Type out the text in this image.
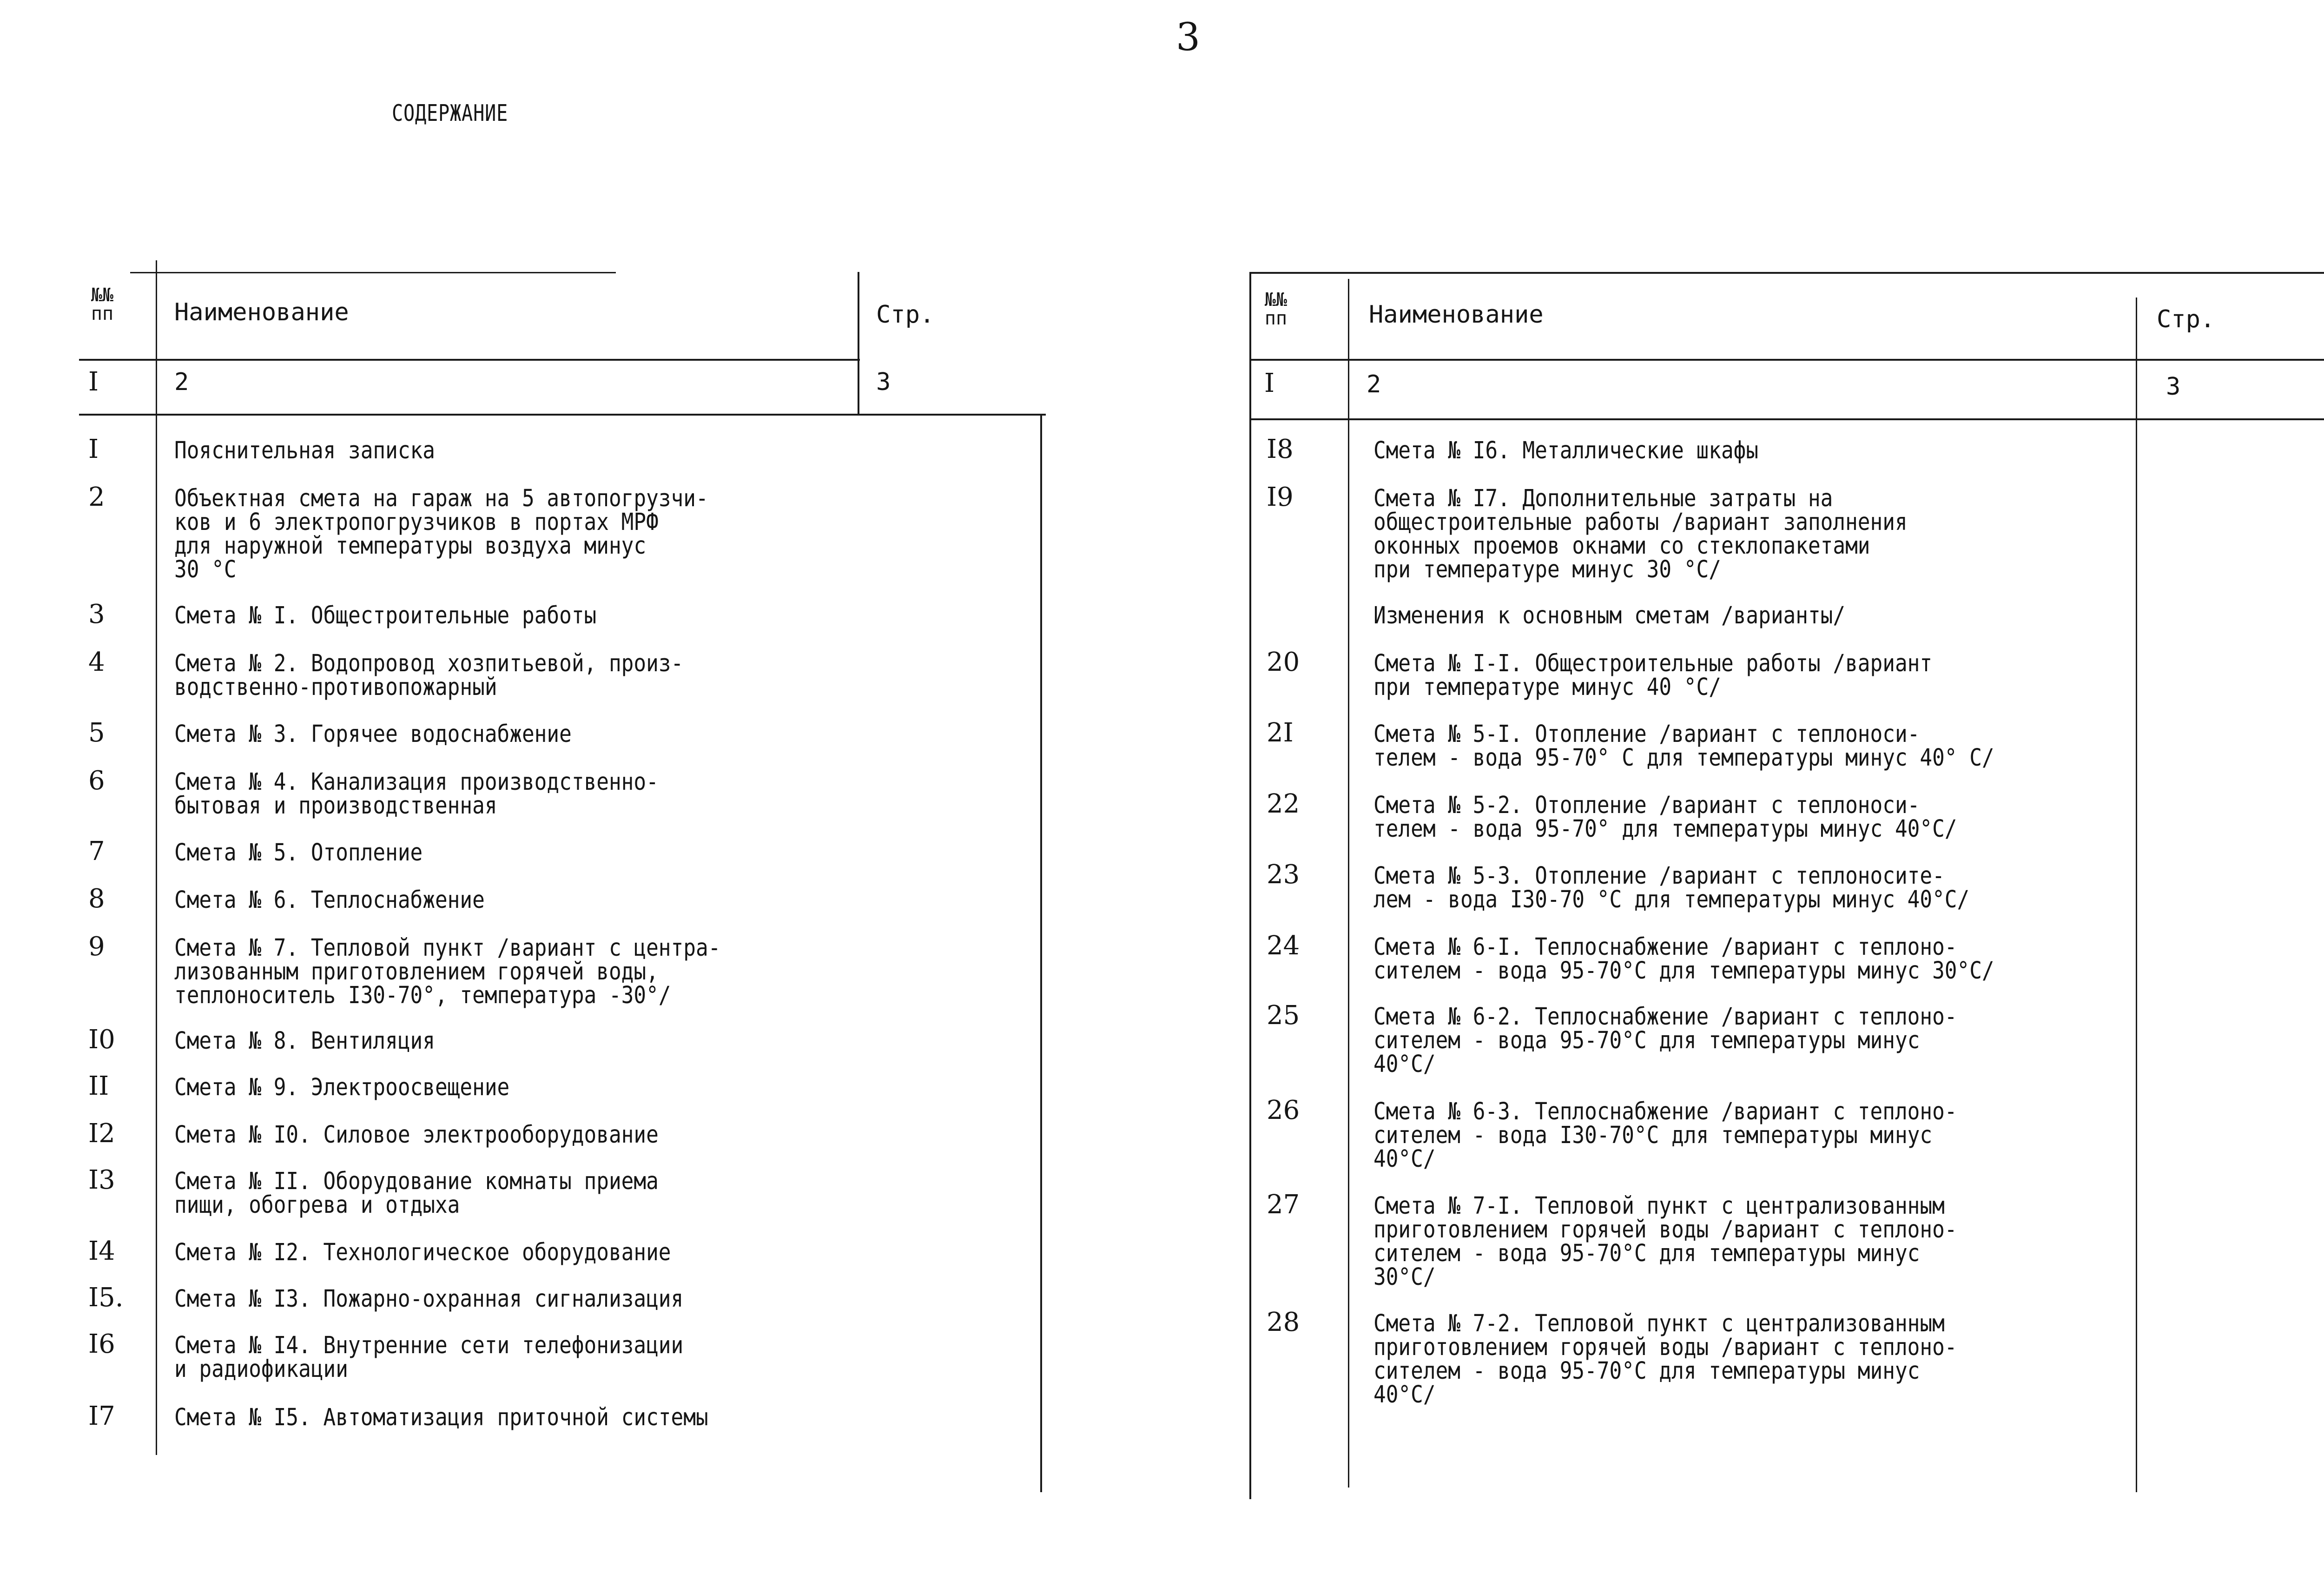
3
СОДЕРЖАНИЕ
№№
пп	Наименование	Стр.
I	2	3
I	Пояснительная записка
2	Объектная смета на гараж на 5 автопогрузчи-
ков и 6 электропогрузчиков в портах МРФ
для наружной температуры воздуха минус
30 °С
3	Смета № I. Общестроительные работы
4	Смета № 2. Водопровод хозпитьевой, произ-
водственно-противопожарный
5	Смета № 3. Горячее водоснабжение
6	Смета № 4. Канализация производственно-
бытовая и производственная
7	Смета № 5. Отопление
8	Смета № 6. Теплоснабжение
9	Смета № 7. Тепловой пункт /вариант с центра-
лизованным приготовлением горячей воды,
теплоноситель I30-70°, температура -30°/
I0 Смета № 8. Вентиляция
II	Смета № 9. Электроосвещение
I2 Смета № I0. Силовое электрооборудование
I3 Смета № II. Оборудование комнаты приема
пищи, обогрева и отдыха
I4 Смета № I2. Технологическое оборудование
I5. Смета № I3. Пожарно-охранная сигнализация
I6 Смета № I4. Внутренние сети телефонизации
и радиофикации
I7 Смета № I5. Автоматизация приточной системы
№№
пп	Наименование	Стр.
I	2	3
I8	Смета № I6. Металлические шкафы
I9	Смета № I7. Дополнительные затраты на
общестроительные работы /вариант заполнения
оконных проемов окнами со стеклопакетами
при температуре минус 30 °С/
Изменения к основным сметам /варианты/
20	Смета № I-I. Общестроительные работы /вариант
при температуре минус 40 °С/
2I	Смета № 5-I. Отопление /вариант с теплоноси-
телем - вода 95-70° С для температуры минус 40° С/
22	Смета № 5-2. Отопление /вариант с теплоноси-
телем - вода 95-70° для температуры минус 40°С/
23	Смета № 5-3. Отопление /вариант с теплоносите-
лем - вода I30-70 °С для температуры минус 40°С/
24	Смета № 6-I. Теплоснабжение /вариант с теплоно-
сителем - вода 95-70°С для температуры минус 30°С/
25	Смета № 6-2. Теплоснабжение /вариант с теплоно-
сителем - вода 95-70°С для температуры минус
40°С/
26	Смета № 6-3. Теплоснабжение /вариант с теплоно-
сителем - вода I30-70°С для температуры минус
40°С/
27	Смета № 7-I. Тепловой пункт с централизованным
приготовлением горячей воды /вариант с теплоно-
сителем - вода 95-70°С для температуры минус
30°С/
28	Смета № 7-2. Тепловой пункт с централизованным
приготовлением горячей воды /вариант с теплоно-
сителем - вода 95-70°С для температуры минус
40°С/
